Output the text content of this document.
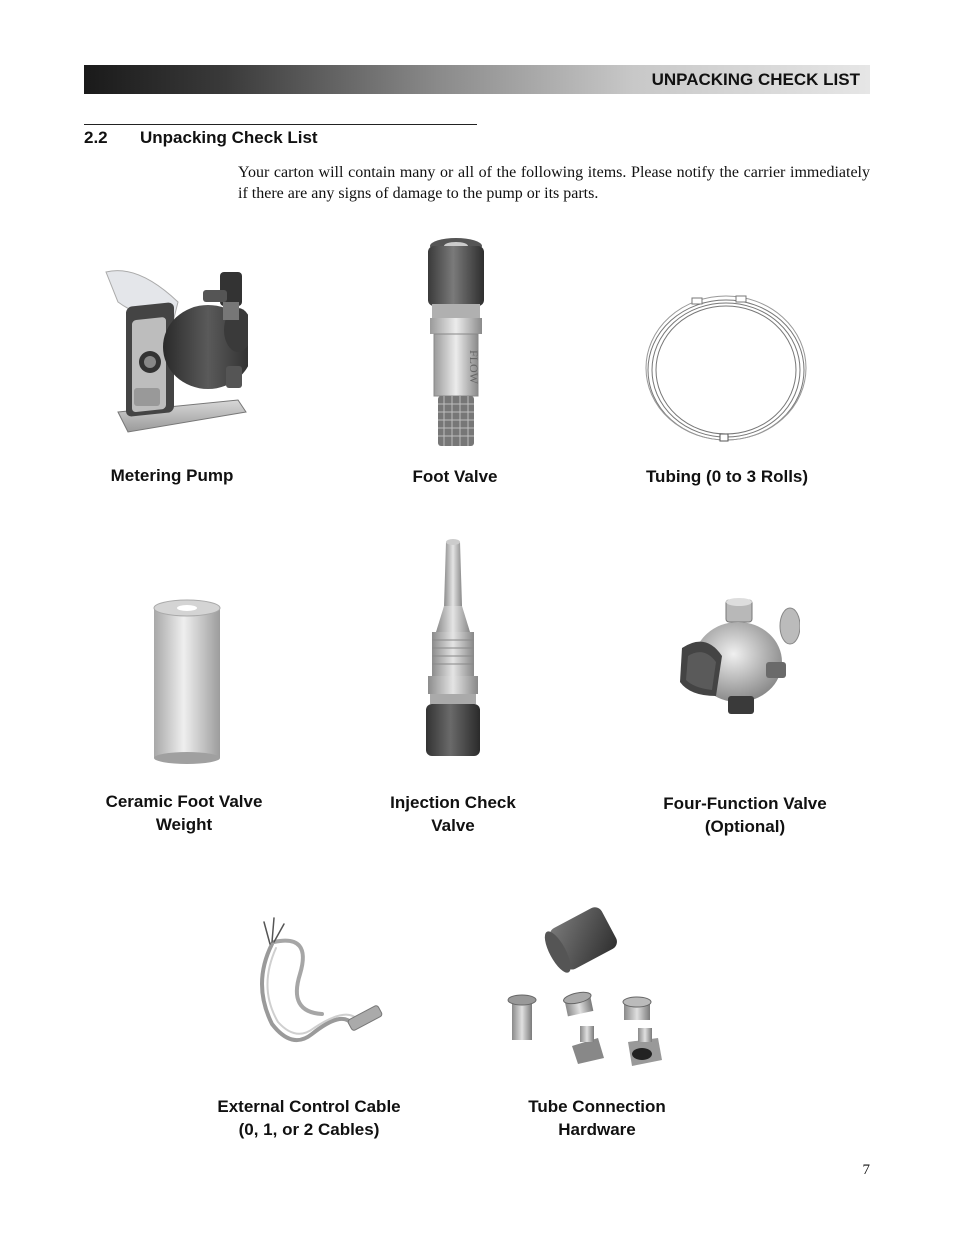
UNPACKING CHECK LIST
2.2 Unpacking Check List

Your carton will contain many or all of the following items. Please notify the carrier immediately if there are any signs of damage to the pump or its parts.

Metering Pump
FLOW
Foot Valve	Tubing (0 to 3 Rolls)
Ceramic Foot Valve
Weight
Injection Check
Valve
Four-Function Valve
(Optional)
External Control Cable
(0, 1, or 2 Cables)
Tube Connection
Hardware
7
